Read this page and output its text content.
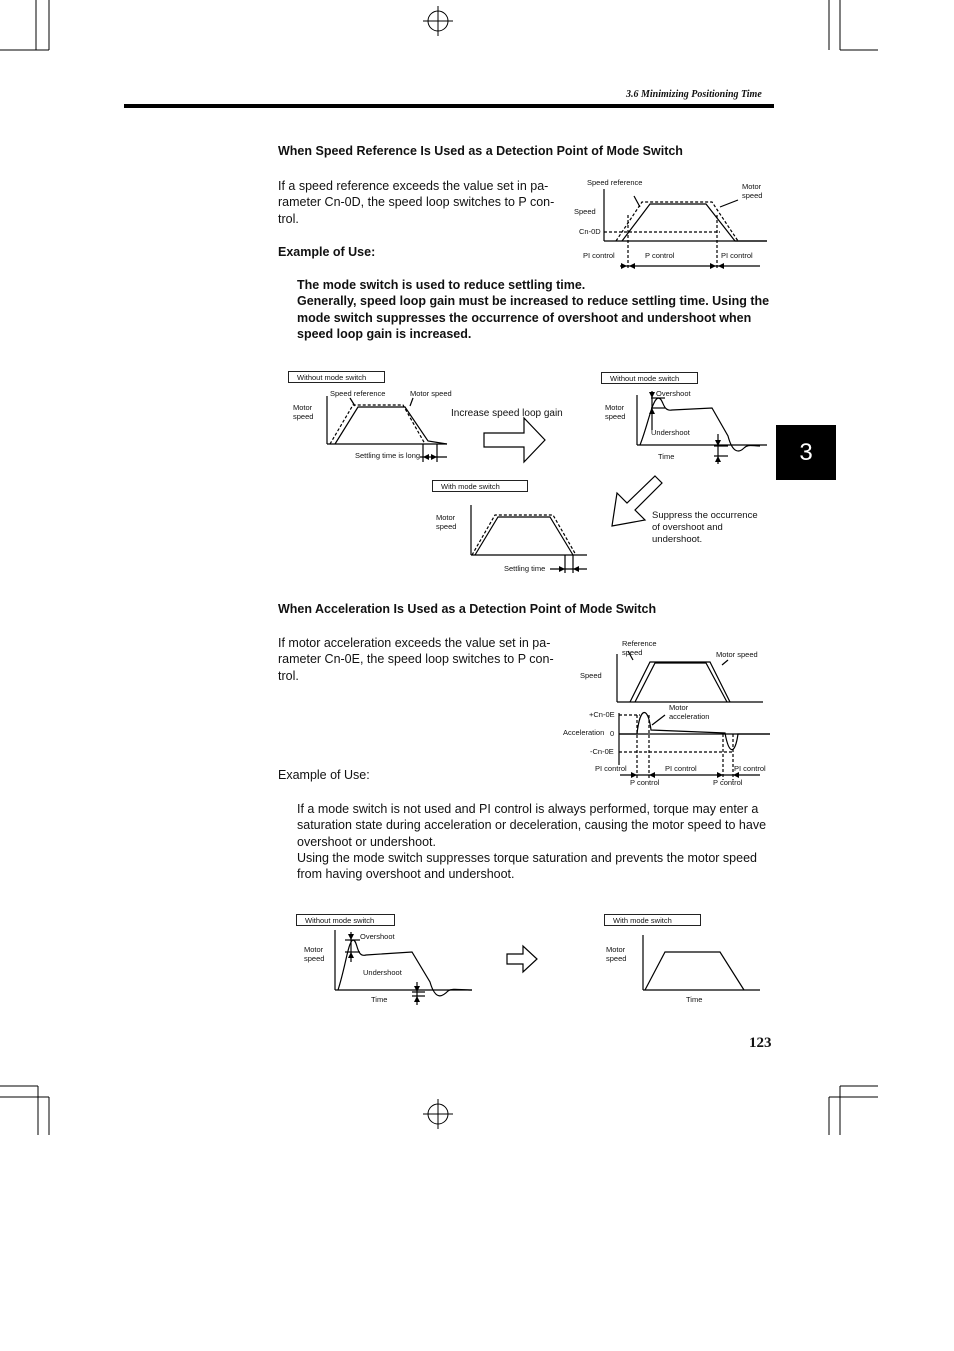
3.6 Minimizing Positioning Time
3
When Speed Reference Is Used as a Detection Point of Mode Switch
If a speed reference exceeds the value set in pa-
rameter Cn-0D, the speed loop switches to P con-
trol.
Example of Use:
The mode switch is used to reduce settling time.
Generally, speed loop gain must be increased to reduce settling time. Using the
mode switch suppresses the occurrence of overshoot and undershoot when
speed loop gain is increased.
Speed reference	Motor
speed
Speed
Cn-0D
PI control	P control	PI control
Without mode switch
Speed reference	Motor speed
Motor
speed
Settling time is long
Increase speed loop gain
Without mode switch
Overshoot
Motor
speed
Undershoot
Time
With mode switch
Motor
speed
Settling time
Suppress the occurrence
of overshoot and
undershoot.
When Acceleration Is Used as a Detection Point of Mode Switch
If motor acceleration exceeds the value set in pa-
rameter Cn-0E, the speed loop switches to P con-
trol.
Example of Use:
If a mode switch is not used and PI control is always performed, torque may enter a
saturation state during acceleration or deceleration, causing the motor speed to have
overshoot or undershoot.
Using the mode switch suppresses torque saturation and prevents the motor speed
from having overshoot and undershoot.
Reference
speed	Motor speed
Speed
+Cn-0E
Motor
acceleration
Acceleration 0
-Cn-0E
PI control	PI control	PI control
P control	P control
Without mode switch
Overshoot
Motor
speed
Undershoot
Time
With mode switch
Motor
speed
Time
123
